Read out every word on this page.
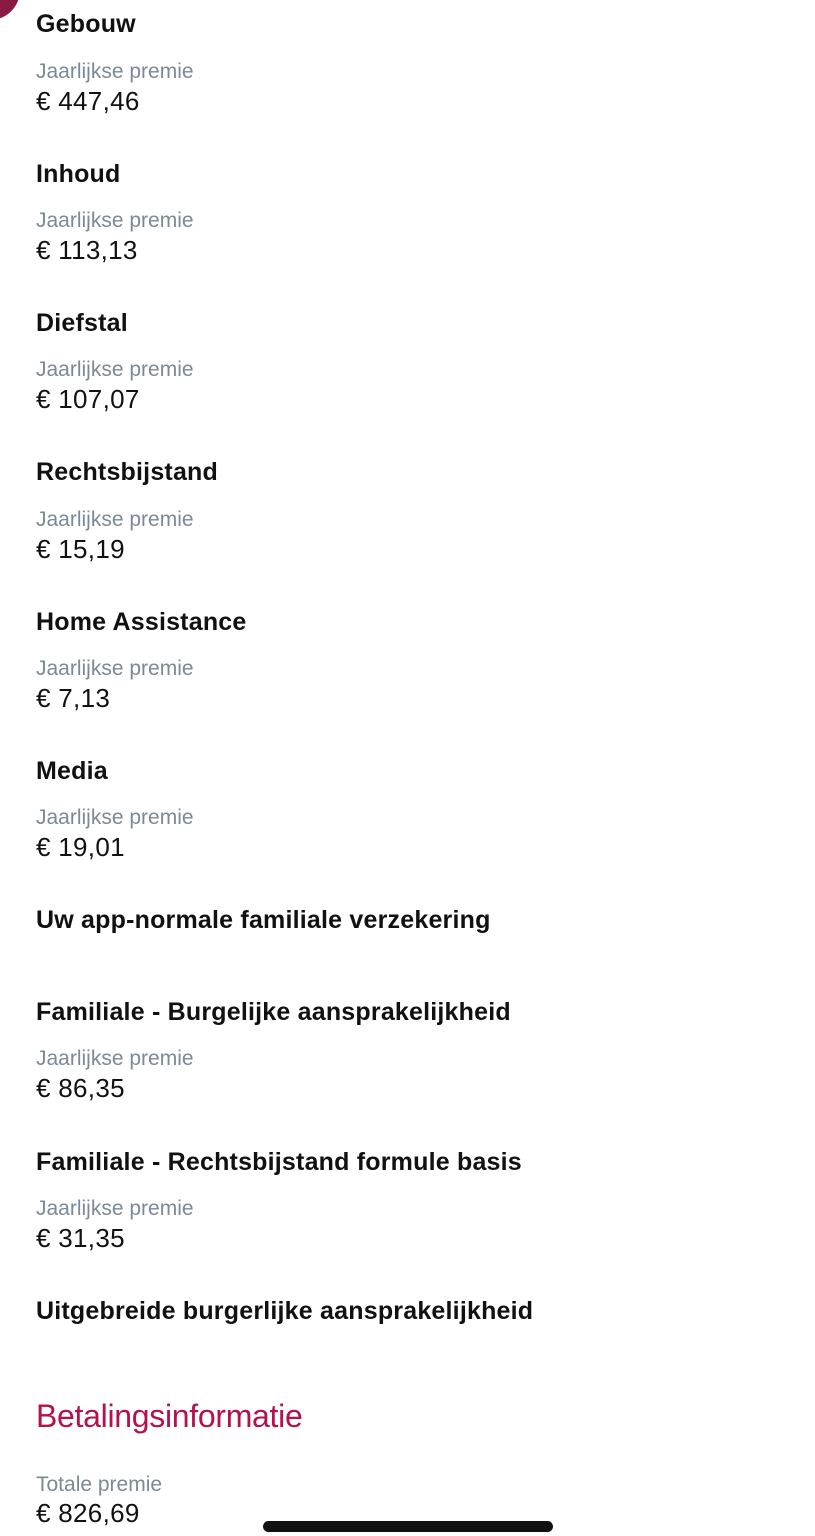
Gebouw
Jaarlijkse premie
€ 447,46
Inhoud
Jaarlijkse premie
€ 113,13
Diefstal
Jaarlijkse premie
€ 107,07
Rechtsbijstand
Jaarlijkse premie
€ 15,19
Home Assistance
Jaarlijkse premie
€ 7,13
Media
Jaarlijkse premie
€ 19,01
Uw app-normale familiale verzekering
Familiale - Burgelijke aansprakelijkheid
Jaarlijkse premie
€ 86,35
Familiale - Rechtsbijstand formule basis
Jaarlijkse premie
€ 31,35
Uitgebreide burgerlijke aansprakelijkheid
Betalingsinformatie
Totale premie
€ 826,69
